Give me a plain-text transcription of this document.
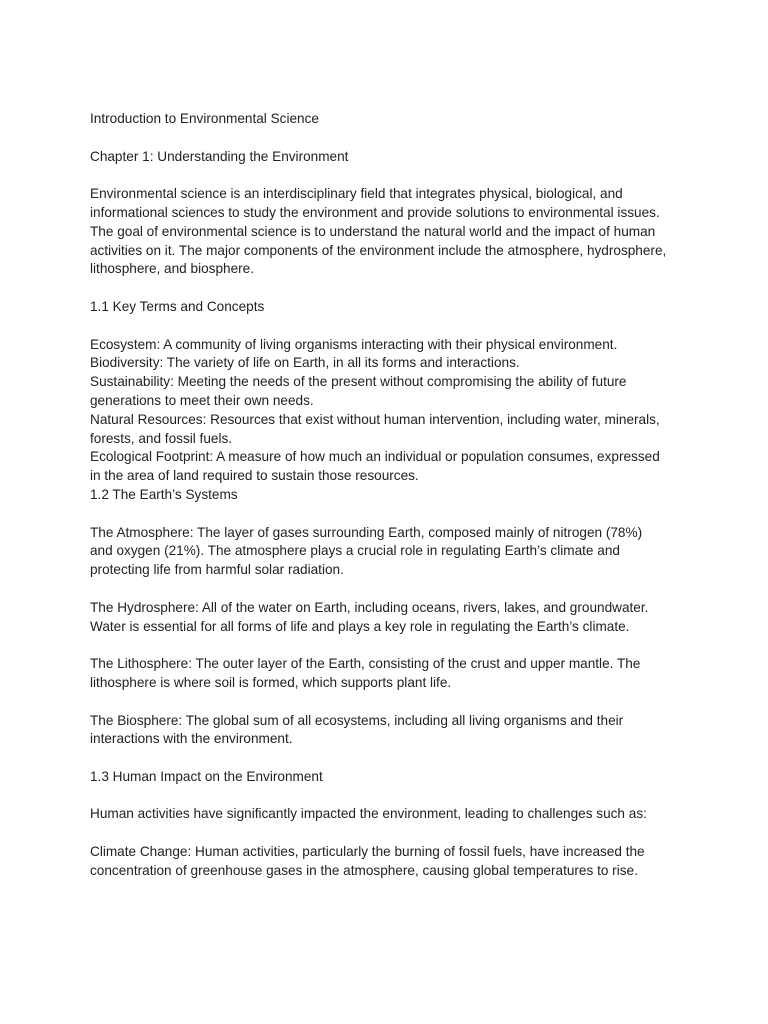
Introduction to Environmental Science
Chapter 1: Understanding the Environment
Environmental science is an interdisciplinary field that integrates physical, biological, and
informational sciences to study the environment and provide solutions to environmental issues.
The goal of environmental science is to understand the natural world and the impact of human
activities on it. The major components of the environment include the atmosphere, hydrosphere,
lithosphere, and biosphere.
1.1 Key Terms and Concepts
Ecosystem: A community of living organisms interacting with their physical environment.
Biodiversity: The variety of life on Earth, in all its forms and interactions.
Sustainability: Meeting the needs of the present without compromising the ability of future
generations to meet their own needs.
Natural Resources: Resources that exist without human intervention, including water, minerals,
forests, and fossil fuels.
Ecological Footprint: A measure of how much an individual or population consumes, expressed
in the area of land required to sustain those resources.
1.2 The Earth’s Systems
The Atmosphere: The layer of gases surrounding Earth, composed mainly of nitrogen (78%)
and oxygen (21%). The atmosphere plays a crucial role in regulating Earth’s climate and
protecting life from harmful solar radiation.
The Hydrosphere: All of the water on Earth, including oceans, rivers, lakes, and groundwater.
Water is essential for all forms of life and plays a key role in regulating the Earth’s climate.
The Lithosphere: The outer layer of the Earth, consisting of the crust and upper mantle. The
lithosphere is where soil is formed, which supports plant life.
The Biosphere: The global sum of all ecosystems, including all living organisms and their
interactions with the environment.
1.3 Human Impact on the Environment
Human activities have significantly impacted the environment, leading to challenges such as:
Climate Change: Human activities, particularly the burning of fossil fuels, have increased the
concentration of greenhouse gases in the atmosphere, causing global temperatures to rise.
